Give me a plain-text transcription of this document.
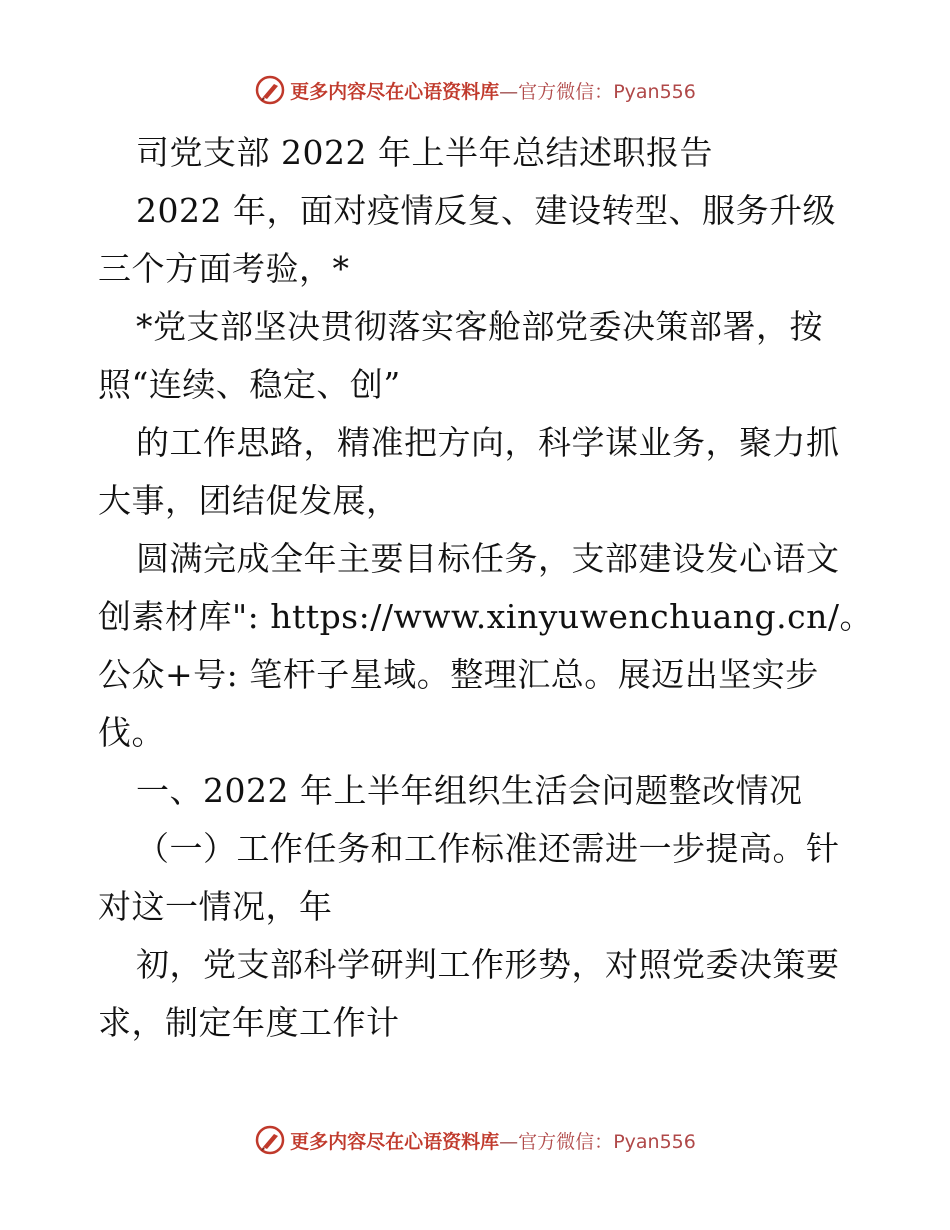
更多内容尽在心语资料库—官方微信：Pyan556
司党支部 2022 年上半年总结述职报告
2022 年，面对疫情反复、建设转型、服务升级
三个方面考验，*
*党支部坚决贯彻落实客舱部党委决策部署，按
照“连续、稳定、创”
的工作思路，精准把方向，科学谋业务，聚力抓
大事，团结促发展，
圆满完成全年主要目标任务，支部建设发心语文
创素材库": https://www.xinyuwenchuang.cn/。
公众+号: 笔杆子星域。整理汇总。展迈出坚实步
伐。
一、2022 年上半年组织生活会问题整改情况
（一）工作任务和工作标准还需进一步提高。针
对这一情况，年
初，党支部科学研判工作形势，对照党委决策要
求，制定年度工作计
更多内容尽在心语资料库—官方微信：Pyan556
